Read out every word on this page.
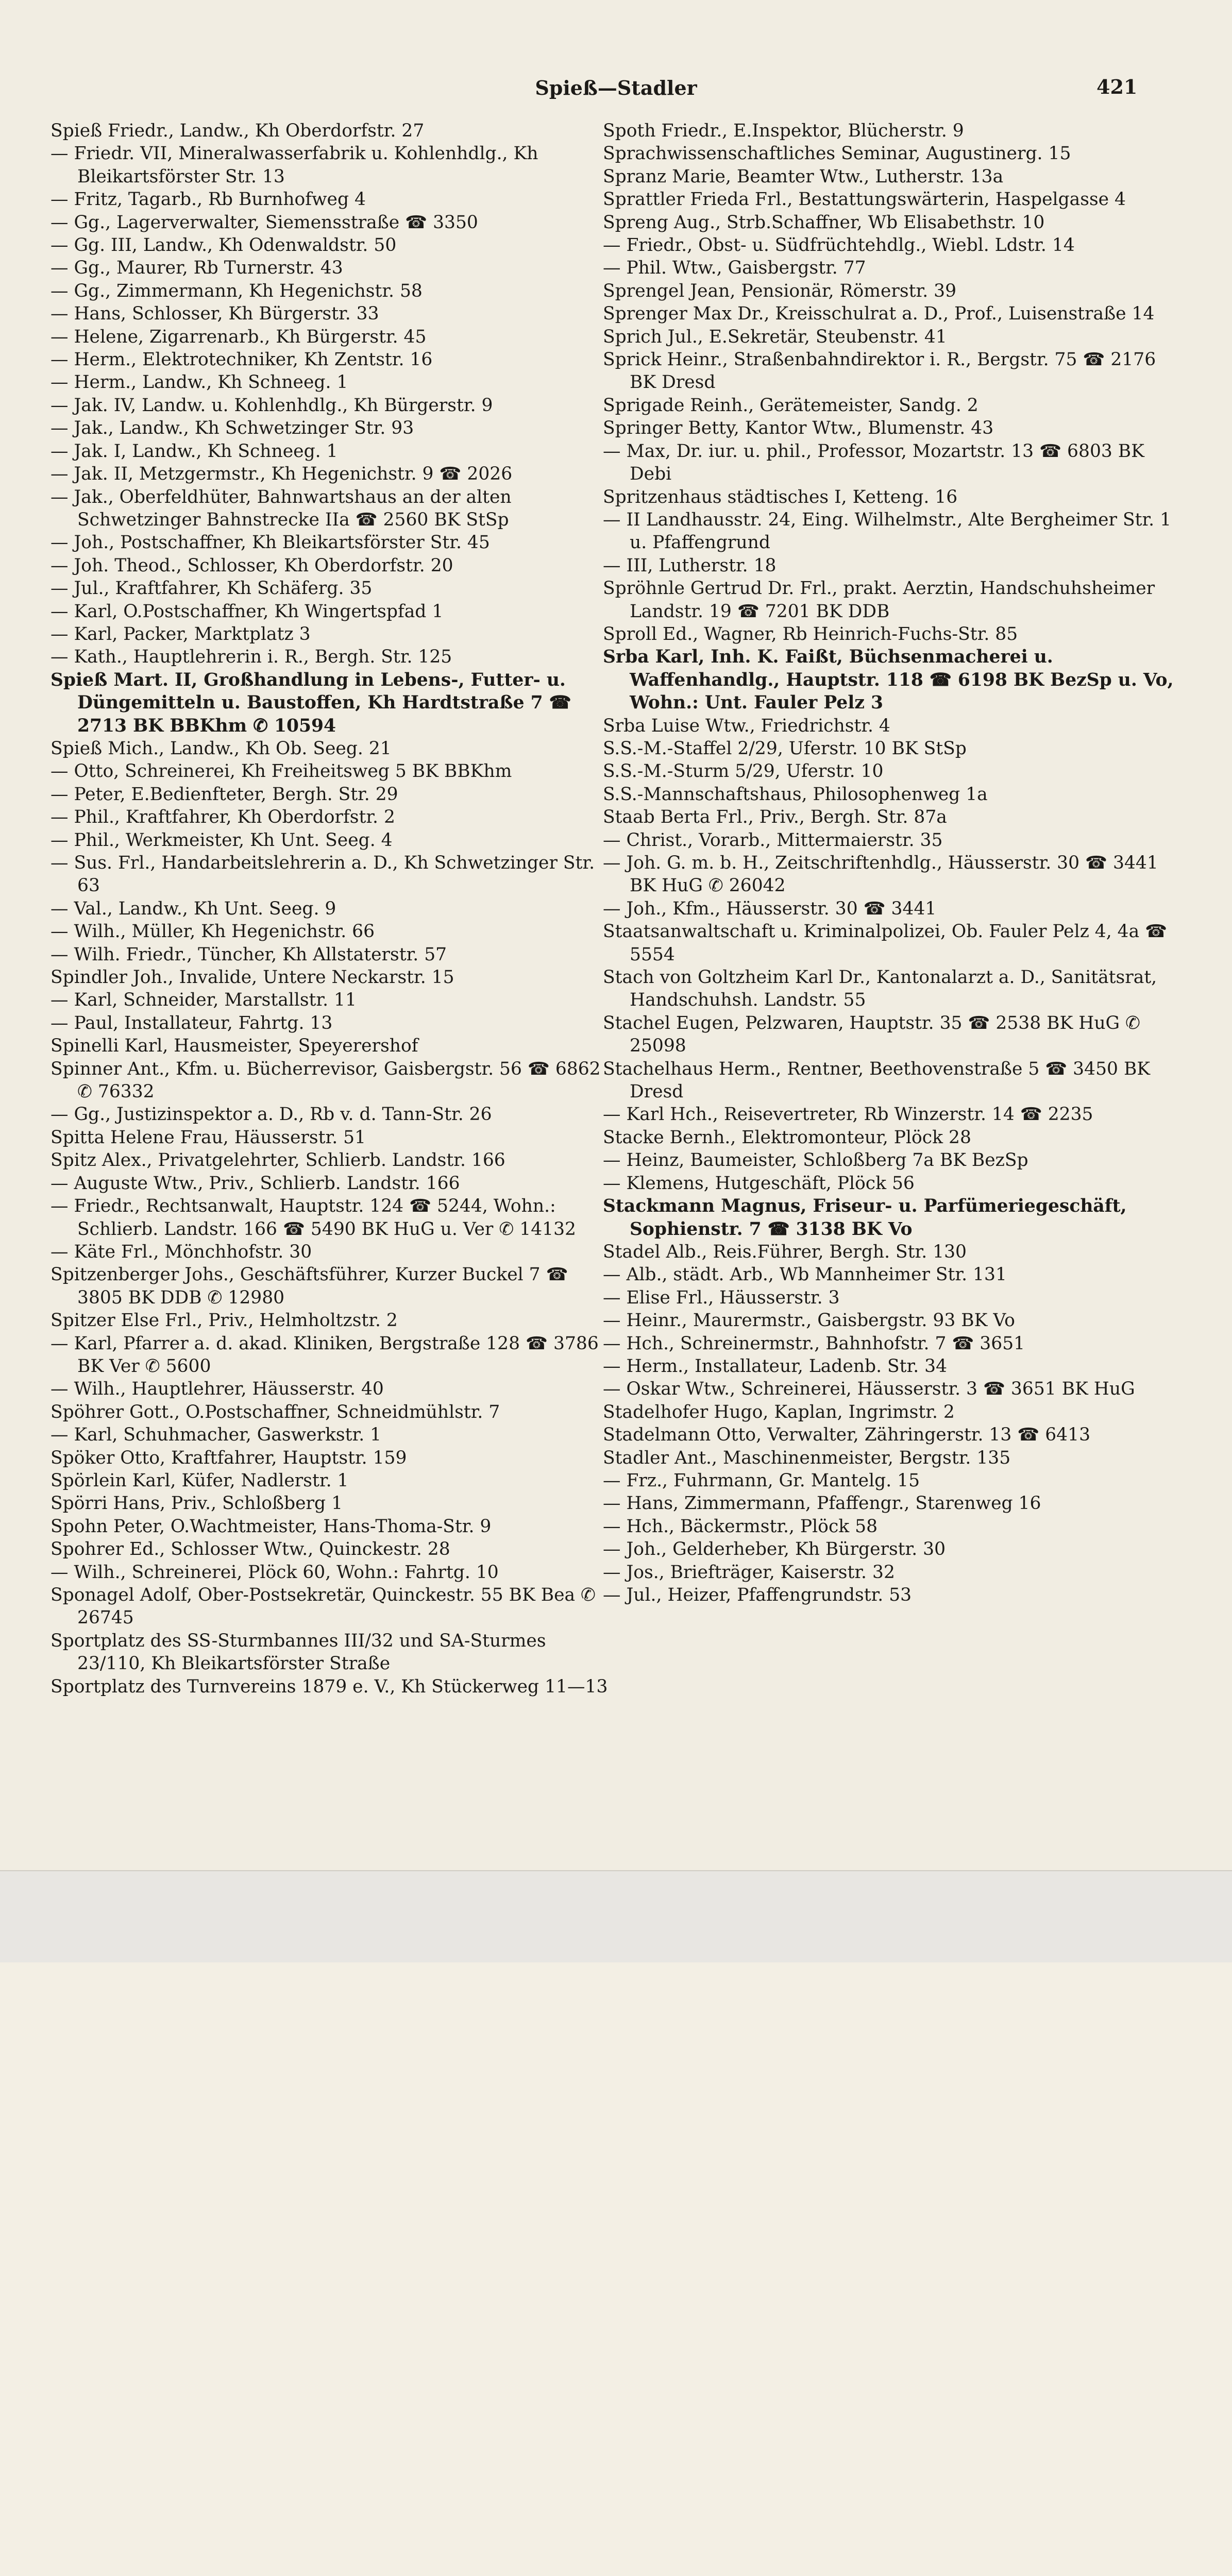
Spieß—Stadler	421

Spieß Friedr., Landw., Kh Oberdorfstr. 27

— Friedr. VII, Mineralwasserfabrik u. Kohlenhdlg., Kh Bleikartsförster Str. 13

— Fritz, Tagarb., Rb Burnhofweg 4

— Gg., Lagerverwalter, Siemensstraße ☎ 3350

— Gg. III, Landw., Kh Odenwaldstr. 50

— Gg., Maurer, Rb Turnerstr. 43

— Gg., Zimmermann, Kh Hegenichstr. 58

— Hans, Schlosser, Kh Bürgerstr. 33

— Helene, Zigarrenarb., Kh Bürgerstr. 45

— Herm., Elektrotechniker, Kh Zentstr. 16

— Herm., Landw., Kh Schneeg. 1

— Jak. IV, Landw. u. Kohlenhdlg., Kh Bürgerstr. 9

— Jak., Landw., Kh Schwetzinger Str. 93

— Jak. I, Landw., Kh Schneeg. 1

— Jak. II, Metzgermstr., Kh Hegenichstr. 9 ☎ 2026

— Jak., Oberfeldhüter, Bahnwartshaus an der alten Schwetzinger Bahnstrecke IIa ☎ 2560 BK StSp

— Joh., Postschaffner, Kh Bleikartsförster Str. 45

— Joh. Theod., Schlosser, Kh Oberdorfstr. 20

— Jul., Kraftfahrer, Kh Schäferg. 35

— Karl, O.Postschaffner, Kh Wingertspfad 1

— Karl, Packer, Marktplatz 3

— Kath., Hauptlehrerin i. R., Bergh. Str. 125

Spieß Mart. II, Großhandlung in Lebens-, Futter- u. Düngemitteln u. Baustoffen, Kh Hardtstraße 7 ☎ 2713 BK BBKhm ✆ 10594

Spieß Mich., Landw., Kh Ob. Seeg. 21

— Otto, Schreinerei, Kh Freiheitsweg 5 BK BBKhm

— Peter, E.Bedienfteter, Bergh. Str. 29

— Phil., Kraftfahrer, Kh Oberdorfstr. 2

— Phil., Werkmeister, Kh Unt. Seeg. 4

— Sus. Frl., Handarbeitslehrerin a. D., Kh Schwetzinger Str. 63

— Val., Landw., Kh Unt. Seeg. 9

— Wilh., Müller, Kh Hegenichstr. 66

— Wilh. Friedr., Tüncher, Kh Allstaterstr. 57

Spindler Joh., Invalide, Untere Neckarstr. 15

— Karl, Schneider, Marstallstr. 11

— Paul, Installateur, Fahrtg. 13

Spinelli Karl, Hausmeister, Speyerershof

Spinner Ant., Kfm. u. Bücherrevisor, Gaisbergstr. 56 ☎ 6862 ✆ 76332

— Gg., Justizinspektor a. D., Rb v. d. Tann-Str. 26

Spitta Helene Frau, Häusserstr. 51

Spitz Alex., Privatgelehrter, Schlierb. Landstr. 166

— Auguste Wtw., Priv., Schlierb. Landstr. 166

— Friedr., Rechtsanwalt, Hauptstr. 124 ☎ 5244, Wohn.: Schlierb. Landstr. 166 ☎ 5490 BK HuG u. Ver ✆ 14132

— Käte Frl., Mönchhofstr. 30

Spitzenberger Johs., Geschäftsführer, Kurzer Buckel 7 ☎ 3805 BK DDB ✆ 12980

Spitzer Else Frl., Priv., Helmholtzstr. 2

— Karl, Pfarrer a. d. akad. Kliniken, Bergstraße 128 ☎ 3786 BK Ver ✆ 5600

— Wilh., Hauptlehrer, Häusserstr. 40

Spöhrer Gott., O.Postschaffner, Schneidmühlstr. 7

— Karl, Schuhmacher, Gaswerkstr. 1

Spöker Otto, Kraftfahrer, Hauptstr. 159

Spörlein Karl, Küfer, Nadlerstr. 1

Spörri Hans, Priv., Schloßberg 1

Spohn Peter, O.Wachtmeister, Hans-Thoma-Str. 9

Spohrer Ed., Schlosser Wtw., Quinckestr. 28

— Wilh., Schreinerei, Plöck 60, Wohn.: Fahrtg. 10

Sponagel Adolf, Ober-Postsekretär, Quinckestr. 55 BK Bea ✆ 26745

Sportplatz des SS-Sturmbannes III/32 und SA-Sturmes 23/110, Kh Bleikartsförster Straße

Sportplatz des Turnvereins 1879 e. V., Kh Stückerweg 11—13

Spoth Friedr., E.Inspektor, Blücherstr. 9

Sprachwissenschaftliches Seminar, Augustinerg. 15

Spranz Marie, Beamter Wtw., Lutherstr. 13a

Sprattler Frieda Frl., Bestattungswärterin, Haspelgasse 4

Spreng Aug., Strb.Schaffner, Wb Elisabethstr. 10

— Friedr., Obst- u. Südfrüchtehdlg., Wiebl. Ldstr. 14

— Phil. Wtw., Gaisbergstr. 77

Sprengel Jean, Pensionär, Römerstr. 39

Sprenger Max Dr., Kreisschulrat a. D., Prof., Luisenstraße 14

Sprich Jul., E.Sekretär, Steubenstr. 41

Sprick Heinr., Straßenbahndirektor i. R., Bergstr. 75 ☎ 2176 BK Dresd

Sprigade Reinh., Gerätemeister, Sandg. 2

Springer Betty, Kantor Wtw., Blumenstr. 43

— Max, Dr. iur. u. phil., Professor, Mozartstr. 13 ☎ 6803 BK Debi

Spritzenhaus städtisches I, Ketteng. 16

— II Landhausstr. 24, Eing. Wilhelmstr., Alte Bergheimer Str. 1 u. Pfaffengrund

— III, Lutherstr. 18

Spröhnle Gertrud Dr. Frl., prakt. Aerztin, Handschuhsheimer Landstr. 19 ☎ 7201 BK DDB

Sproll Ed., Wagner, Rb Heinrich-Fuchs-Str. 85

Srba Karl, Inh. K. Faißt, Büchsenmacherei u. Waffenhandlg., Hauptstr. 118 ☎ 6198 BK BezSp u. Vo, Wohn.: Unt. Fauler Pelz 3

Srba Luise Wtw., Friedrichstr. 4

S.S.-M.-Staffel 2/29, Uferstr. 10 BK StSp

S.S.-M.-Sturm 5/29, Uferstr. 10

S.S.-Mannschaftshaus, Philosophenweg 1a

Staab Berta Frl., Priv., Bergh. Str. 87a

— Christ., Vorarb., Mittermaierstr. 35

— Joh. G. m. b. H., Zeitschriftenhdlg., Häusserstr. 30 ☎ 3441 BK HuG ✆ 26042

— Joh., Kfm., Häusserstr. 30 ☎ 3441

Staatsanwaltschaft u. Kriminalpolizei, Ob. Fauler Pelz 4, 4a ☎ 5554

Stach von Goltzheim Karl Dr., Kantonalarzt a. D., Sanitätsrat, Handschuhsh. Landstr. 55

Stachel Eugen, Pelzwaren, Hauptstr. 35 ☎ 2538 BK HuG ✆ 25098

Stachelhaus Herm., Rentner, Beethovenstraße 5 ☎ 3450 BK Dresd

— Karl Hch., Reisevertreter, Rb Winzerstr. 14 ☎ 2235

Stacke Bernh., Elektromonteur, Plöck 28

— Heinz, Baumeister, Schloßberg 7a BK BezSp

— Klemens, Hutgeschäft, Plöck 56

Stackmann Magnus, Friseur- u. Parfümeriegeschäft, Sophienstr. 7 ☎ 3138 BK Vo

Stadel Alb., Reis.Führer, Bergh. Str. 130

— Alb., städt. Arb., Wb Mannheimer Str. 131

— Elise Frl., Häusserstr. 3

— Heinr., Maurermstr., Gaisbergstr. 93 BK Vo

— Hch., Schreinermstr., Bahnhofstr. 7 ☎ 3651

— Herm., Installateur, Ladenb. Str. 34

— Oskar Wtw., Schreinerei, Häusserstr. 3 ☎ 3651 BK HuG

Stadelhofer Hugo, Kaplan, Ingrimstr. 2

Stadelmann Otto, Verwalter, Zähringerstr. 13 ☎ 6413

Stadler Ant., Maschinenmeister, Bergstr. 135

— Frz., Fuhrmann, Gr. Mantelg. 15

— Hans, Zimmermann, Pfaffengr., Starenweg 16

— Hch., Bäckermstr., Plöck 58

— Joh., Gelderheber, Kh Bürgerstr. 30

— Jos., Briefträger, Kaiserstr. 32

— Jul., Heizer, Pfaffengrundstr. 53
